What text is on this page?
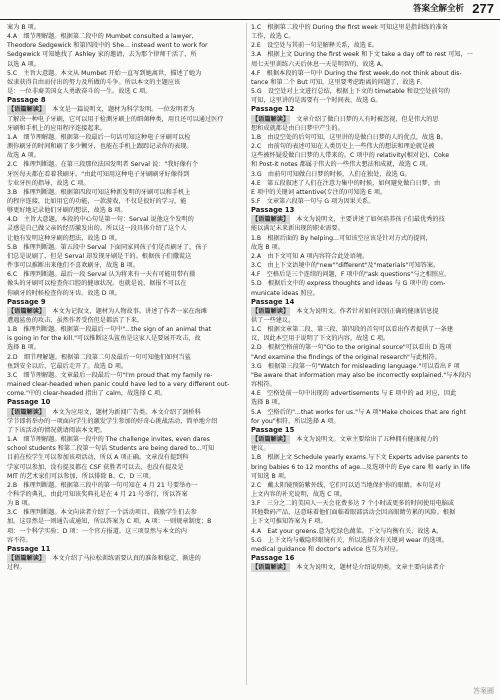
答案全解全析 277
案为 B 项。
4.A　细节理解题。根据第二段中的 Mumbet consulted a lawyer,
Theodore Sedgewick 和第四段中的 She... instead went to work for
Sedgewick 可知她找了 Ashley 家的邀请，去为那个律师干活了，所
以选 A 项。
5.C　主旨大意题。本文从 Mumbet 开始一直写到她离世，描述了她为
奴隶获得自由而付出的努力及所做的斗争。所以本文的主题应该
是：一位非裔美国女人勇敢奋斗的一生。故选 C 项。
Passage 8
【语篇解读】　本文是一篇说明文，题材为科学发明。一位发明者为
了解决一种电子牙刷，它可以用于检测牙刷上的细菌种类，用且还可以通过医疗
牙刷和手机上的应用程序连接起来。
1.A　细节理解题。根据第一段最后一句话可知这种电子牙刷可以检
测你刷牙的时间和刷了多少颗牙，也能在手机上跟踪记录你的表现。
故选 A 项。
2.C　推理判断题。在第三段那位法国发明者 Serval 说："我好像有个
牙医每天都在看着我刷牙。"由此可知用这种电子牙刷刷牙好像得到
专业牙医的指导，故选 C 项。
3.B　推理判断题。根据第四段可知这种新发明的牙刷可以和手机上
的程序连接，比如用它的功能，一款游戏，不仅是很好的学习，能
够更好地记录他们牙刷的想法，故选 B 项。
4.D　主旨大意题。本段的中心句是第一句：Serval 说他这个发明的
灵感是自己做父亲的经历激发出的。所以这一段具体介绍了这个人
让他有发明这种牙刷的想法，故选 D 项。
5.B　推理判断题。第五段中 Serval 下面同家问孩子们是否刷牙了，孩子
们总是说刷了，但是 Serval 却发现牙刷是干的。根据孩子们撒谎这
件事可以推断出来他们不喜欢刷牙，故选 B 项。
6.C　推理判断题。最后一段 Serval 认为将来有一天有可能用带有摄
像头的牙刷可以检查你口腔的健康状况。也就是说，据报不可以在
你刷牙的时候检查你的牙齿。故选 D 项。
Passage 9
【语篇解读】　本文为记叙文，题材为人物故事。讲述了作者一家在海滩
遭遇鲨鱼的攻击，虽然作者受伤但是都活了下来。
1.B　推理判断题。根据第一段最后一句中"...the sign of an animal that
is going in for the kill."可以推断这头鲨鱼是这家人是要展开攻击，故
选择 B 项。
2.D　细节理解题。根据第二段第二句及最后一句可知他们如何当鲨
鱼到安全以后，它最后走开了。故选 D 项。
3.C　细节理解题。文章最后一段最后一句"I'm proud that my family re-
mained clear-headed when panic could have led to a very different out-
come."中的 clear-headed 指出了 calm，故选择 C 项。
Passage 10
【语篇解读】　本文为应用文，题材为新闻广告类。本文介绍了剑桥科
学节即将举办的一项面向学生的激发学生参加的好奇心挑战活动，简单地介绍
了下该活动的情况就请阅读本文吧。
1.A　细节理解题。根据第一段中的 The challenge invites, even dares
school students 和第二段第一句话 Students are being dared to...可知
目前在校学生可以参加该项活动，所以 A 项正确。文章没有提到科
学家可以参加，没有提及都在 CSF 获胜者可以去，也没有提及是
MIT 的艺术家们可以参加，所以排除 B、C、D 三项。
2.B　推理判断题。根据第三段中的第一句可知在 4 月 21 号要举办一
个科学的典礼，由此可知该奖典礼是在 4 月 21 号举行，所以答案
为 B 项。
3.C　推理判断题。本文向读者介绍了一个活动项目，鼓励学生们去参
加。这显然是一则通告或通知，所以答案为 C 项。A 项：一则规章制度；B
项：一个科学实验；D 项：一个官方报道。这三项显然与本文的内
容不符。
Passage 11
【语篇解读】　本文介绍了马拉松训练需要认真的准备和稳定、渐进的
过程。
1.C　根据第二段中的 During the first week 可知这里是指训练的准备
工作，故选 C。
2.E　设空处与其前一句是解释关系，故选 E。
3.A　根据上文 During the first week 和下文 take a day off to rest 可知，一
周七天里训练六天后休息一天是明智的，故选 A。
4.F　根据本段的第一句中 During the first week,do not think about dis-
tance 和第二个 But 可知，这里要考虑距离的问题了，故选 F。
5.G　设空处对上文进行总结，根据上下文的 timetable 和设空处前句的
可知，这里讲的是需要有一个时间表，故选 G。
Passage 12
【语篇解读】　文章介绍了做白日梦的人有时被忽视，但是伟大的思
想和成就都是由白日梦中产生的。
1.B　由设空处的后句可知，这里讲的是做白日梦的人的优点，故选 B。
2.C　由前句的表述可知在人类历史上一些伟大的想法和理论就是被
这些被怀疑爱做白日梦的人带来的。C 项中的 relativity(相对论)、Coke
和 Post-it notes 都属于伟大的一些伟大想法和成就，故选 C 项。
3.G　由前句可知做白日梦的时候，人们在独处，故选 G。
4.E　第五段叙述了人们在注意力集中的时候，如何避免做白日梦，由
E 项中的关键词 attentive(专注的)可知选 E 项。
5.F　文章第六段第一句与 G 项为因果关系。
Passage 13
【语篇解读】　本文为说明文，主要讲述了如何培养孩子们最优秀的技
能以满足未来新出现的职业需要。
1.B　根据后面的 By helping...可知该空应该是针对方式的提问，
故选 B 项。
2.A　由下文可知 A 项内容符合此处语境。
3.C　由上下文语境中的"new""different"及"materials"可知答案。
4.F　空格后是三个连续的问题，F 项中的"ask questions"与之相照应。
5.D　根据后文中的 express thoughts and ideas 与 G 项中的 com-
municate ideas 照应。
Passage 14
【语篇解读】　本文为说明文。作者针对如何识别正确的健康信息提
供了一些建议。
1.C　根据文章第二段、第三段、第四段的首句可以看出作者提供了一条建
议，因此本空用于说明了下文的内容，故选 C 项。
2.D　根据空格前的第一句"Go to the original source"可以看出 D 选项
"And examine the findings of the original research"与此相符。
3.G　根据第三段第一句"Watch for misleading language."可以看出 F 项
"Be aware that information may also be incorrectly explained."与本段内
容相符。
4.E　空格处前一句中出现的 advertisements 与 E 项中的 ad 对应，因此
选择 B 项。
5.A　空格后的"...that works for us."与 A 项"Make choices that are right
for you"相符，所以选择 A 项。
Passage 15
【语篇解读】　本文为说明文。文章主要给出了五种拥有健康视力的
建议。
1.B　根据上文 Schedule yearly exams.与下文 Experts advise parents to
bring babies 6 to 12 months of age...及选项中的 Eye care 和 early in life
可知选 B 项。
2.C　戴太阳镜预防紫外线，它们可以适当地保护你的眼睛。本句是对
上文内容的补充说明，故选 C 项。
3.F　三分之二的美国人一天会花费多达 7 个小时或更多的时间使用电脑或
其他数码产品，这意味着他们面临着眼部活动会因高眼睛劳累的风险。根据
上下文可推知答案为 F 项。
4.A　Eat your greens.意为吃绿色蔬菜。下文与均衡有关，故选 A。
5.G　上下文均与戴隐形眼镜有关，所以选择含有关键词 wear 的选项。
medical guidance 和 doctor's advice 也互为对应。
Passage 16
【语篇解读】　本文为说明文，题材是介绍说明类。文章主要向读者介
答案圈
